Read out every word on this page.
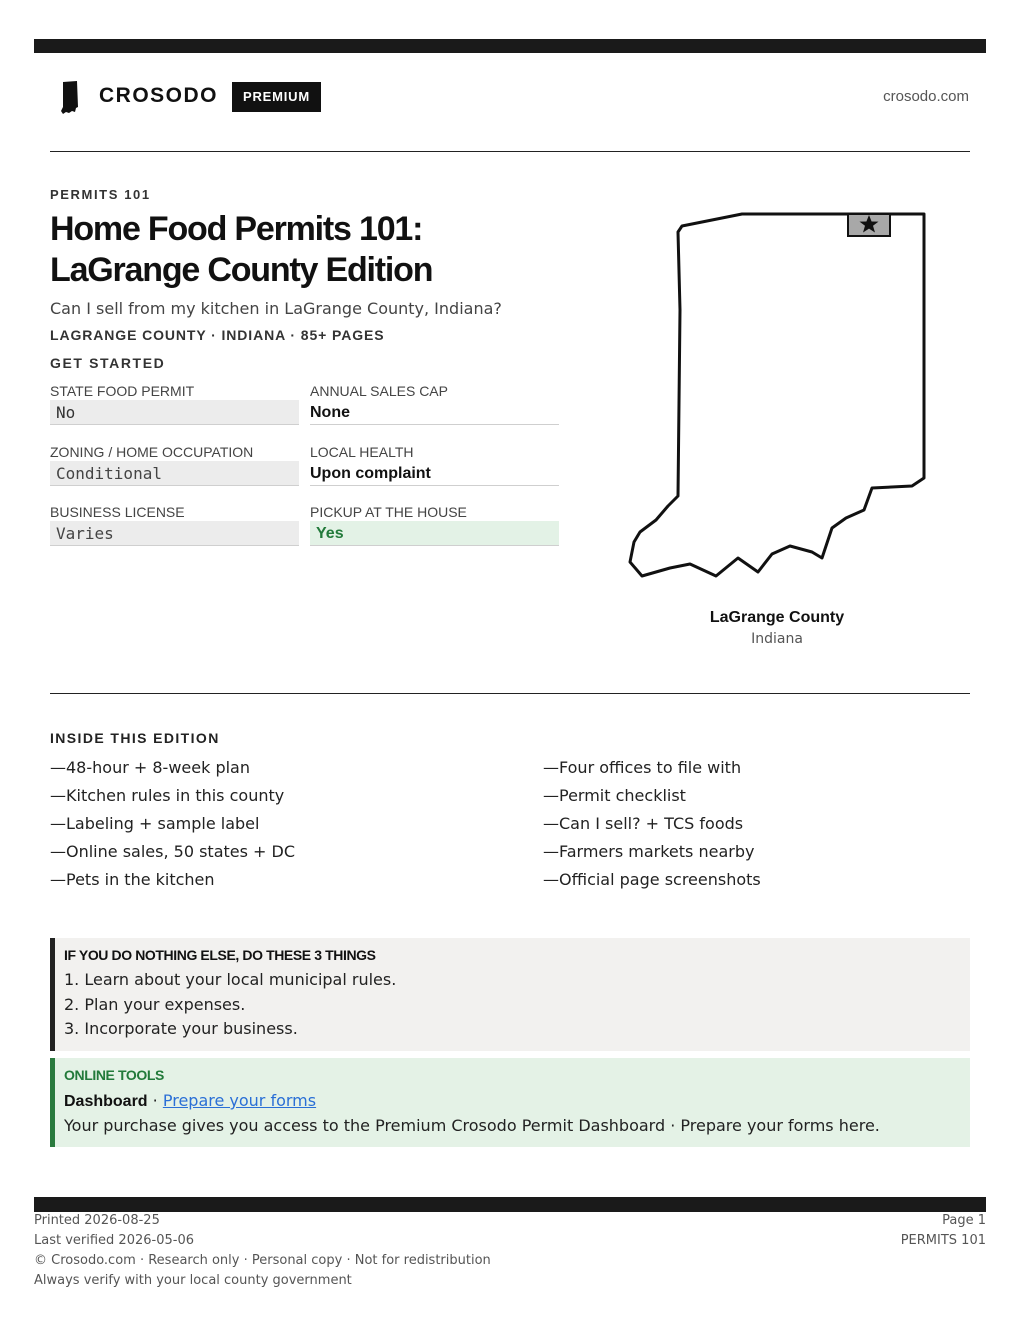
CROSODO	PREMIUM	crosodo.com
PERMITS 101
Home Food Permits 101:
LaGrange County Edition
Can I sell from my kitchen in LaGrange County, Indiana?
LAGRANGE COUNTY · INDIANA · 85+ PAGES
GET STARTED
STATE FOOD PERMIT
No
ANNUAL SALES CAP
None
ZONING / HOME OCCUPATION
Conditional
LOCAL HEALTH
Upon complaint
BUSINESS LICENSE
Varies
PICKUP AT THE HOUSE
Yes
LaGrange County
Indiana
INSIDE THIS EDITION
—48-hour + 8-week plan
—Kitchen rules in this county
—Labeling + sample label
—Online sales, 50 states + DC
—Pets in the kitchen
—Four offices to file with
—Permit checklist
—Can I sell? + TCS foods
—Farmers markets nearby
—Official page screenshots
IF YOU DO NOTHING ELSE, DO THESE 3 THINGS
1. Learn about your local municipal rules.
2. Plan your expenses.
3. Incorporate your business.
ONLINE TOOLS
Dashboard · Prepare your forms
Your purchase gives you access to the Premium Crosodo Permit Dashboard · Prepare your forms here.
Printed 2026-08-25
Last verified 2026-05-06
© Crosodo.com · Research only · Personal copy · Not for redistribution
Always verify with your local county government
Page 1
PERMITS 101
